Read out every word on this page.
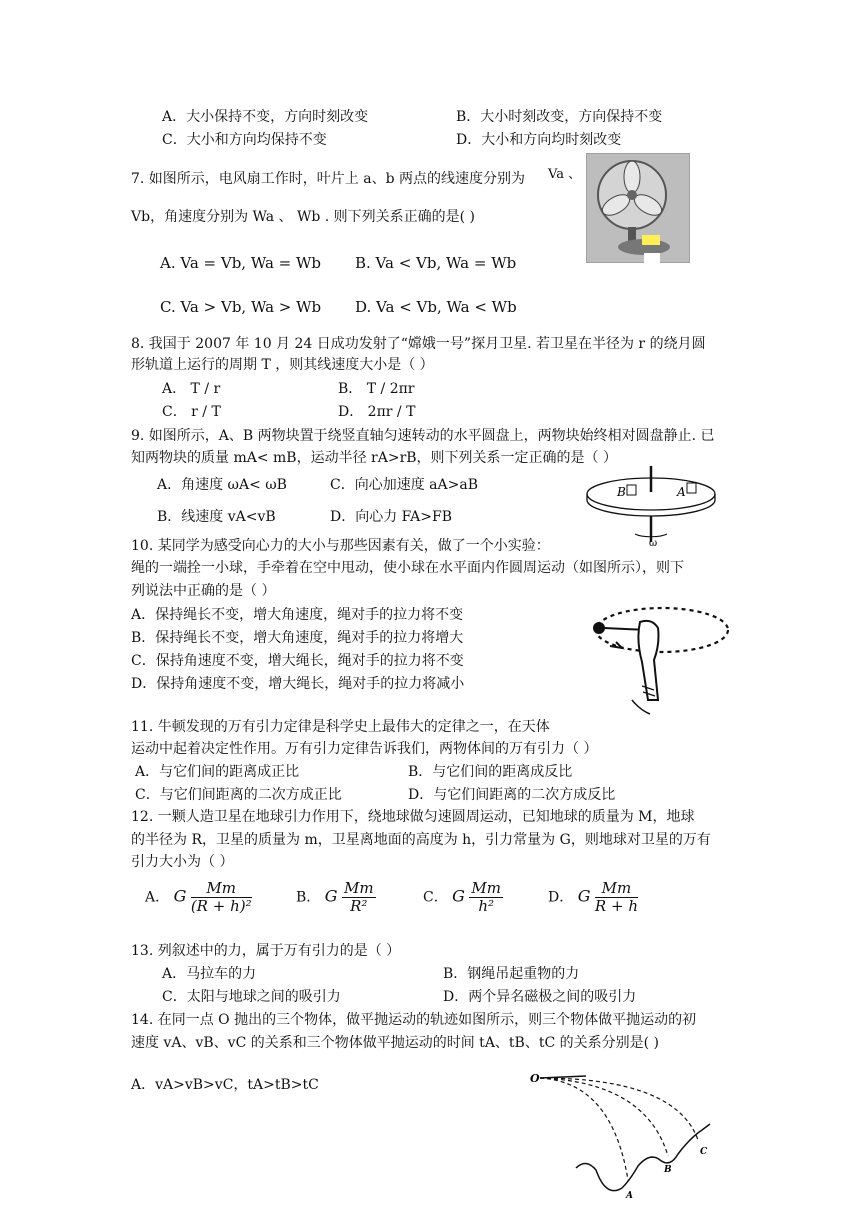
A．大小保持不变，方向时刻改变	B．大小时刻改变，方向保持不变
C．大小和方向均保持不变	D．大小和方向均时刻改变
7. 如图所示，电风扇工作时，叶片上 a、b 两点的线速度分别为 Va 、
Vb，角速度分别为 Wa 、 Wb . 则下列关系正确的是( )
A. Va = Vb, Wa = Wb B. Va < Vb, Wa = Wb
C. Va > Vb, Wa > Wb D. Va < Vb, Wa < Wb
8. 我国于 2007 年 10 月 24 日成功发射了“嫦娥一号”探月卫星. 若卫星在半径为 r 的绕月圆
形轨道上运行的周期 T ，则其线速度大小是（ ）
A． T / r	B． T / 2πr
C． r / T	D． 2πr / T
9. 如图所示，A、B 两物块置于绕竖直轴匀速转动的水平圆盘上，两物块始终相对圆盘静止. 已
知两物块的质量 mA< mB，运动半径 rA>rB，则下列关系一定正确的是（ ）
A．角速度 ωA< ωB	C．向心加速度 aA>aB
B．线速度 vA<vB	D．向心力 FA>FB
B	A
ω
10. 某同学为感受向心力的大小与那些因素有关，做了一个小实验：
绳的一端拴一小球，手牵着在空中甩动，使小球在水平面内作圆周运动（如图所示），则下
列说法中正确的是（ ）
A．保持绳长不变，增大角速度，绳对手的拉力将不变
B．保持绳长不变，增大角速度，绳对手的拉力将增大
C．保持角速度不变，增大绳长，绳对手的拉力将不变
D．保持角速度不变，增大绳长，绳对手的拉力将减小
11. 牛顿发现的万有引力定律是科学史上最伟大的定律之一，在天体
运动中起着决定性作用。万有引力定律告诉我们，两物体间的万有引力（ ）
A．与它们间的距离成正比	B．与它们间的距离成反比
C．与它们间距离的二次方成正比	D．与它们间距离的二次方成反比
12. 一颗人造卫星在地球引力作用下，绕地球做匀速圆周运动，已知地球的质量为 M，地球
的半径为 R，卫星的质量为 m，卫星离地面的高度为 h，引力常量为 G，则地球对卫星的万有
引力大小为（ ）
A． G $\frac{Mm}{\text{(R + h)²}}$	B． G $\frac{Mm}{\text{R²}}$	C． G $\frac{Mm}{\text{h²}}$	D． G $\frac{Mm}{R + h}$
13. 列叙述中的力，属于万有引力的是（ ）
A．马拉车的力	B．钢绳吊起重物的力
C．太阳与地球之间的吸引力	D．两个异名磁极之间的吸引力
14. 在同一点 O 抛出的三个物体，做平抛运动的轨迹如图所示，则三个物体做平抛运动的初
速度 vA、vB、vC 的关系和三个物体做平抛运动的时间 tA、tB、tC 的关系分别是( )
A．vA>vB>vC，tA>tB>tC	O
A
B
C
